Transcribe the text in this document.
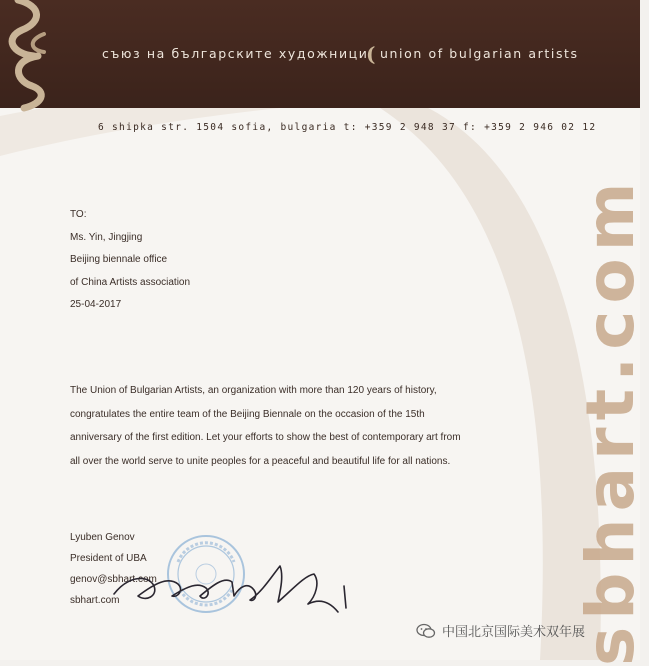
съюз на българските художници
( union of bulgarian artists
6 shipka str. 1504 sofia, bulgaria t: +359 2 948 37 f: +359 2 946 02 12
sbhart.com
TO:
Ms. Yin, Jingjing
Beijing biennale office
of China Artists association
25-04-2017
The Union of Bulgarian Artists, an organization with more than 120 years of history,
congratulates the entire team of the Beijing Biennale on the occasion of the 15th
anniversary of the first edition. Let your efforts to show the best of contemporary art from
all over the world serve to unite peoples for a peaceful and beautiful life for all nations.
Lyuben Genov
President of UBA
genov@sbhart.com
sbhart.com
中国北京国际美术双年展
